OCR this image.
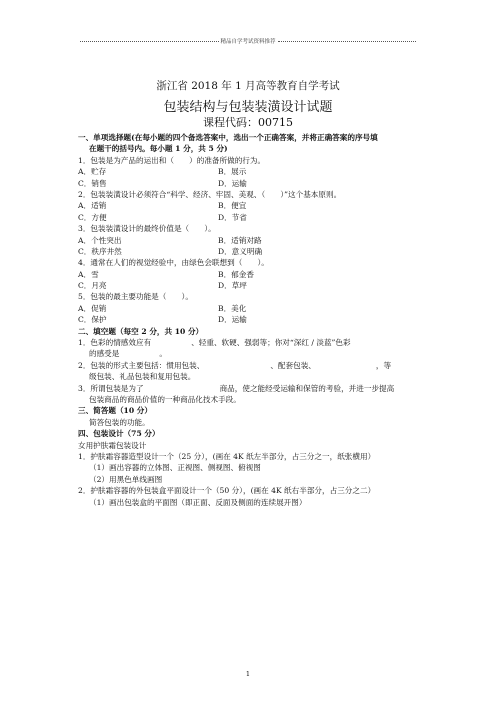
精品自学考试资料推荐
浙江省 2018 年 1 月高等教育自学考试
包装结构与包装装潢设计试题
课程代码：00715
一、单项选择题(在每小题的四个备选答案中，选出一个正确答案，并将正确答案的序号填
在题干的括号内。每小题 1 分，共 5 分)
1．包装是为产品的运出和（　　）的准备所做的行为。
A．贮存	B．展示
C．销售	D．运输
2．包装装潢设计必须符合“科学、经济、牢固、美观、（　　）”这个基本原则。
A．适销	B．便宜
C．方便	D．节省
3．包装装潢设计的最终价值是（　　）。
A．个性突出	B．适销对路
C．秩序井然	D．意义明确
4．通常在人们的视觉经验中，由绿色会联想到（　　）。
A．雪	B．郁金香
C．月亮	D．草坪
5．包装的最主要功能是（　　）。
A．促销	B．美化
C．保护	D．运输
二、填空题（每空 2 分，共 10 分）
1．色彩的情感效应有	、轻重、软硬、强弱等；你对“深红 / 淡蓝”色彩
的感受是	。
2．包装的形式主要包括：惯用包装、	、配套包装、	，等
级包装、礼品包装和复用包装。
3．所谓包装是为了	商品，使之能经受运输和保管的考验，并进一步提高
包装商品的商品价值的一种商品化技术手段。
三、简答题（10 分）
简答包装的功能。
四、包装设计（75 分）
女用护肤霜包装设计
1．护肤霜容器造型设计一个（25 分），(画在 4K 纸左半部分，占三分之一，纸张横用）
（1）画出容器的立体图、正视图、侧视图、俯视图
（2）用黑色单线画图
2．护肤霜容器的外包装盒平面设计一个（50 分），(画在 4K 纸右半部分，占三分之二）
（1）画出包装盒的平面图（即正面、反面及侧面的连续展开图）
1
